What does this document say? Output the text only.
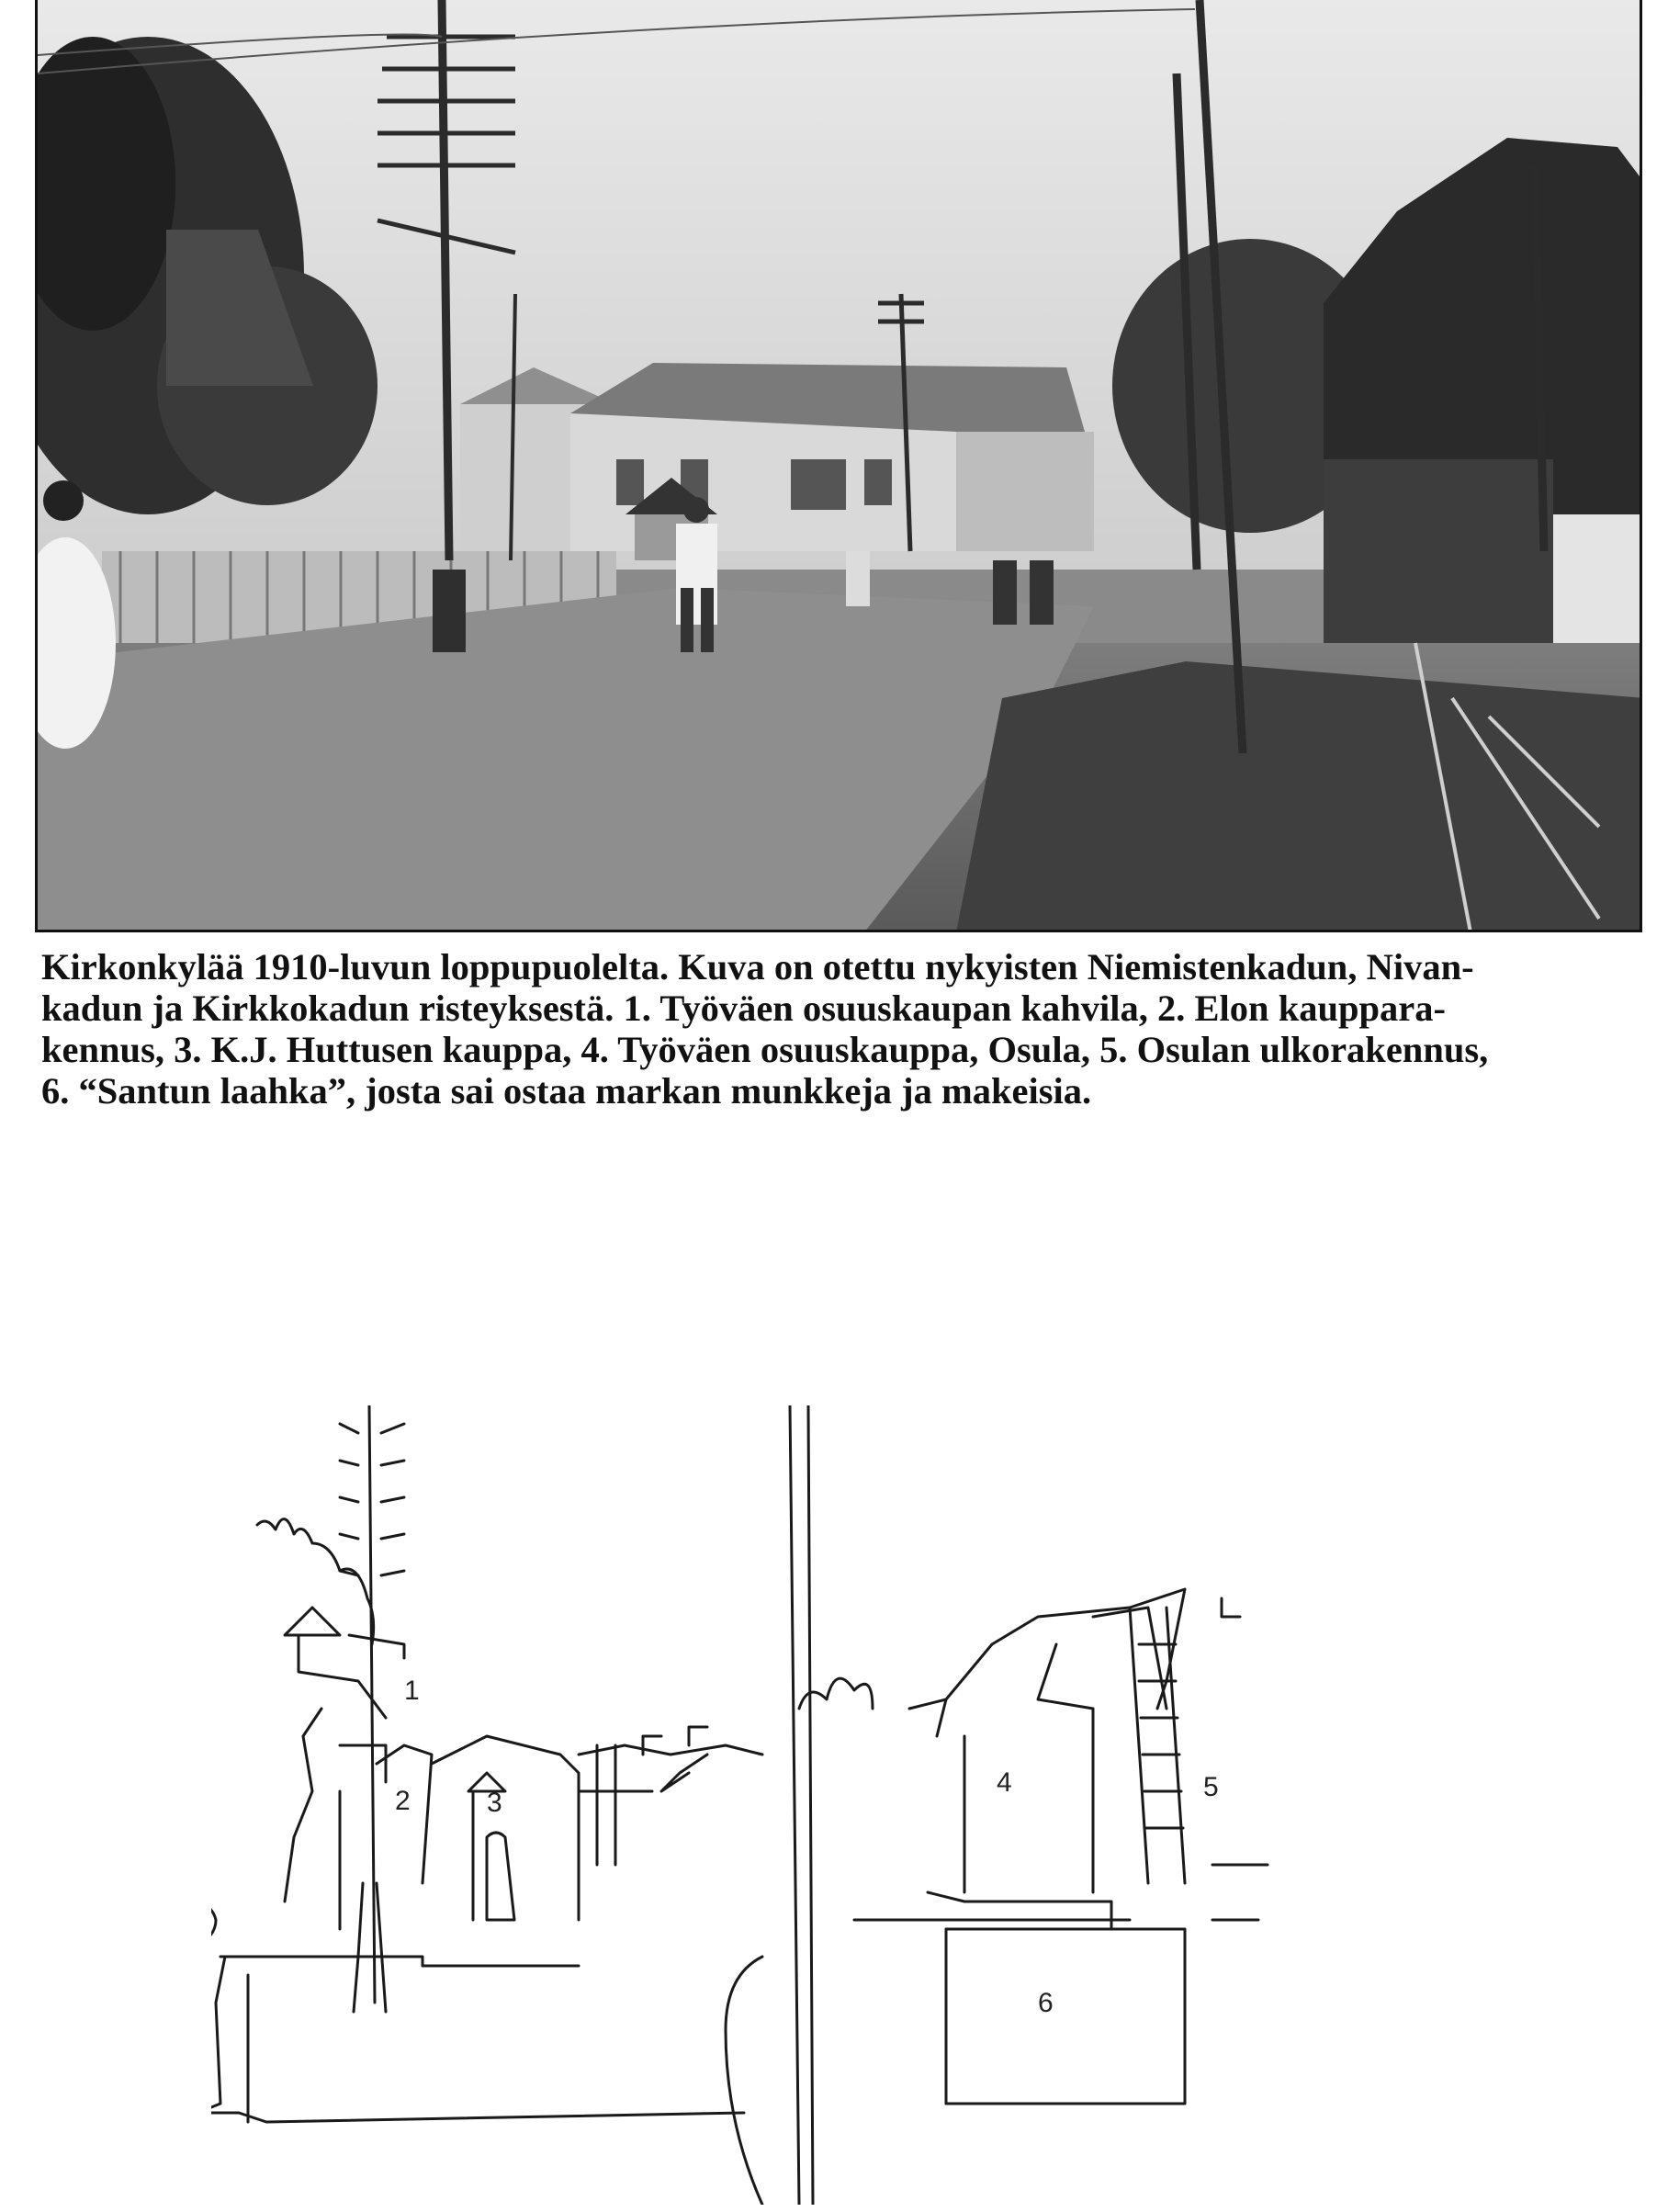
Kirkonkylää 1910-luvun loppupuolelta. Kuva on otettu nykyisten Niemistenkadun, Nivan-
kadun ja Kirkkokadun risteyksestä. 1. Työväen osuuskaupan kahvila, 2. Elon kauppara-
kennus, 3. K.J. Huttusen kauppa, 4. Työväen osuuskauppa, Osula, 5. Osulan ulkorakennus,
6. “Santun laahka”, josta sai ostaa markan munkkeja ja makeisia.
1
2	3
4	5
6
